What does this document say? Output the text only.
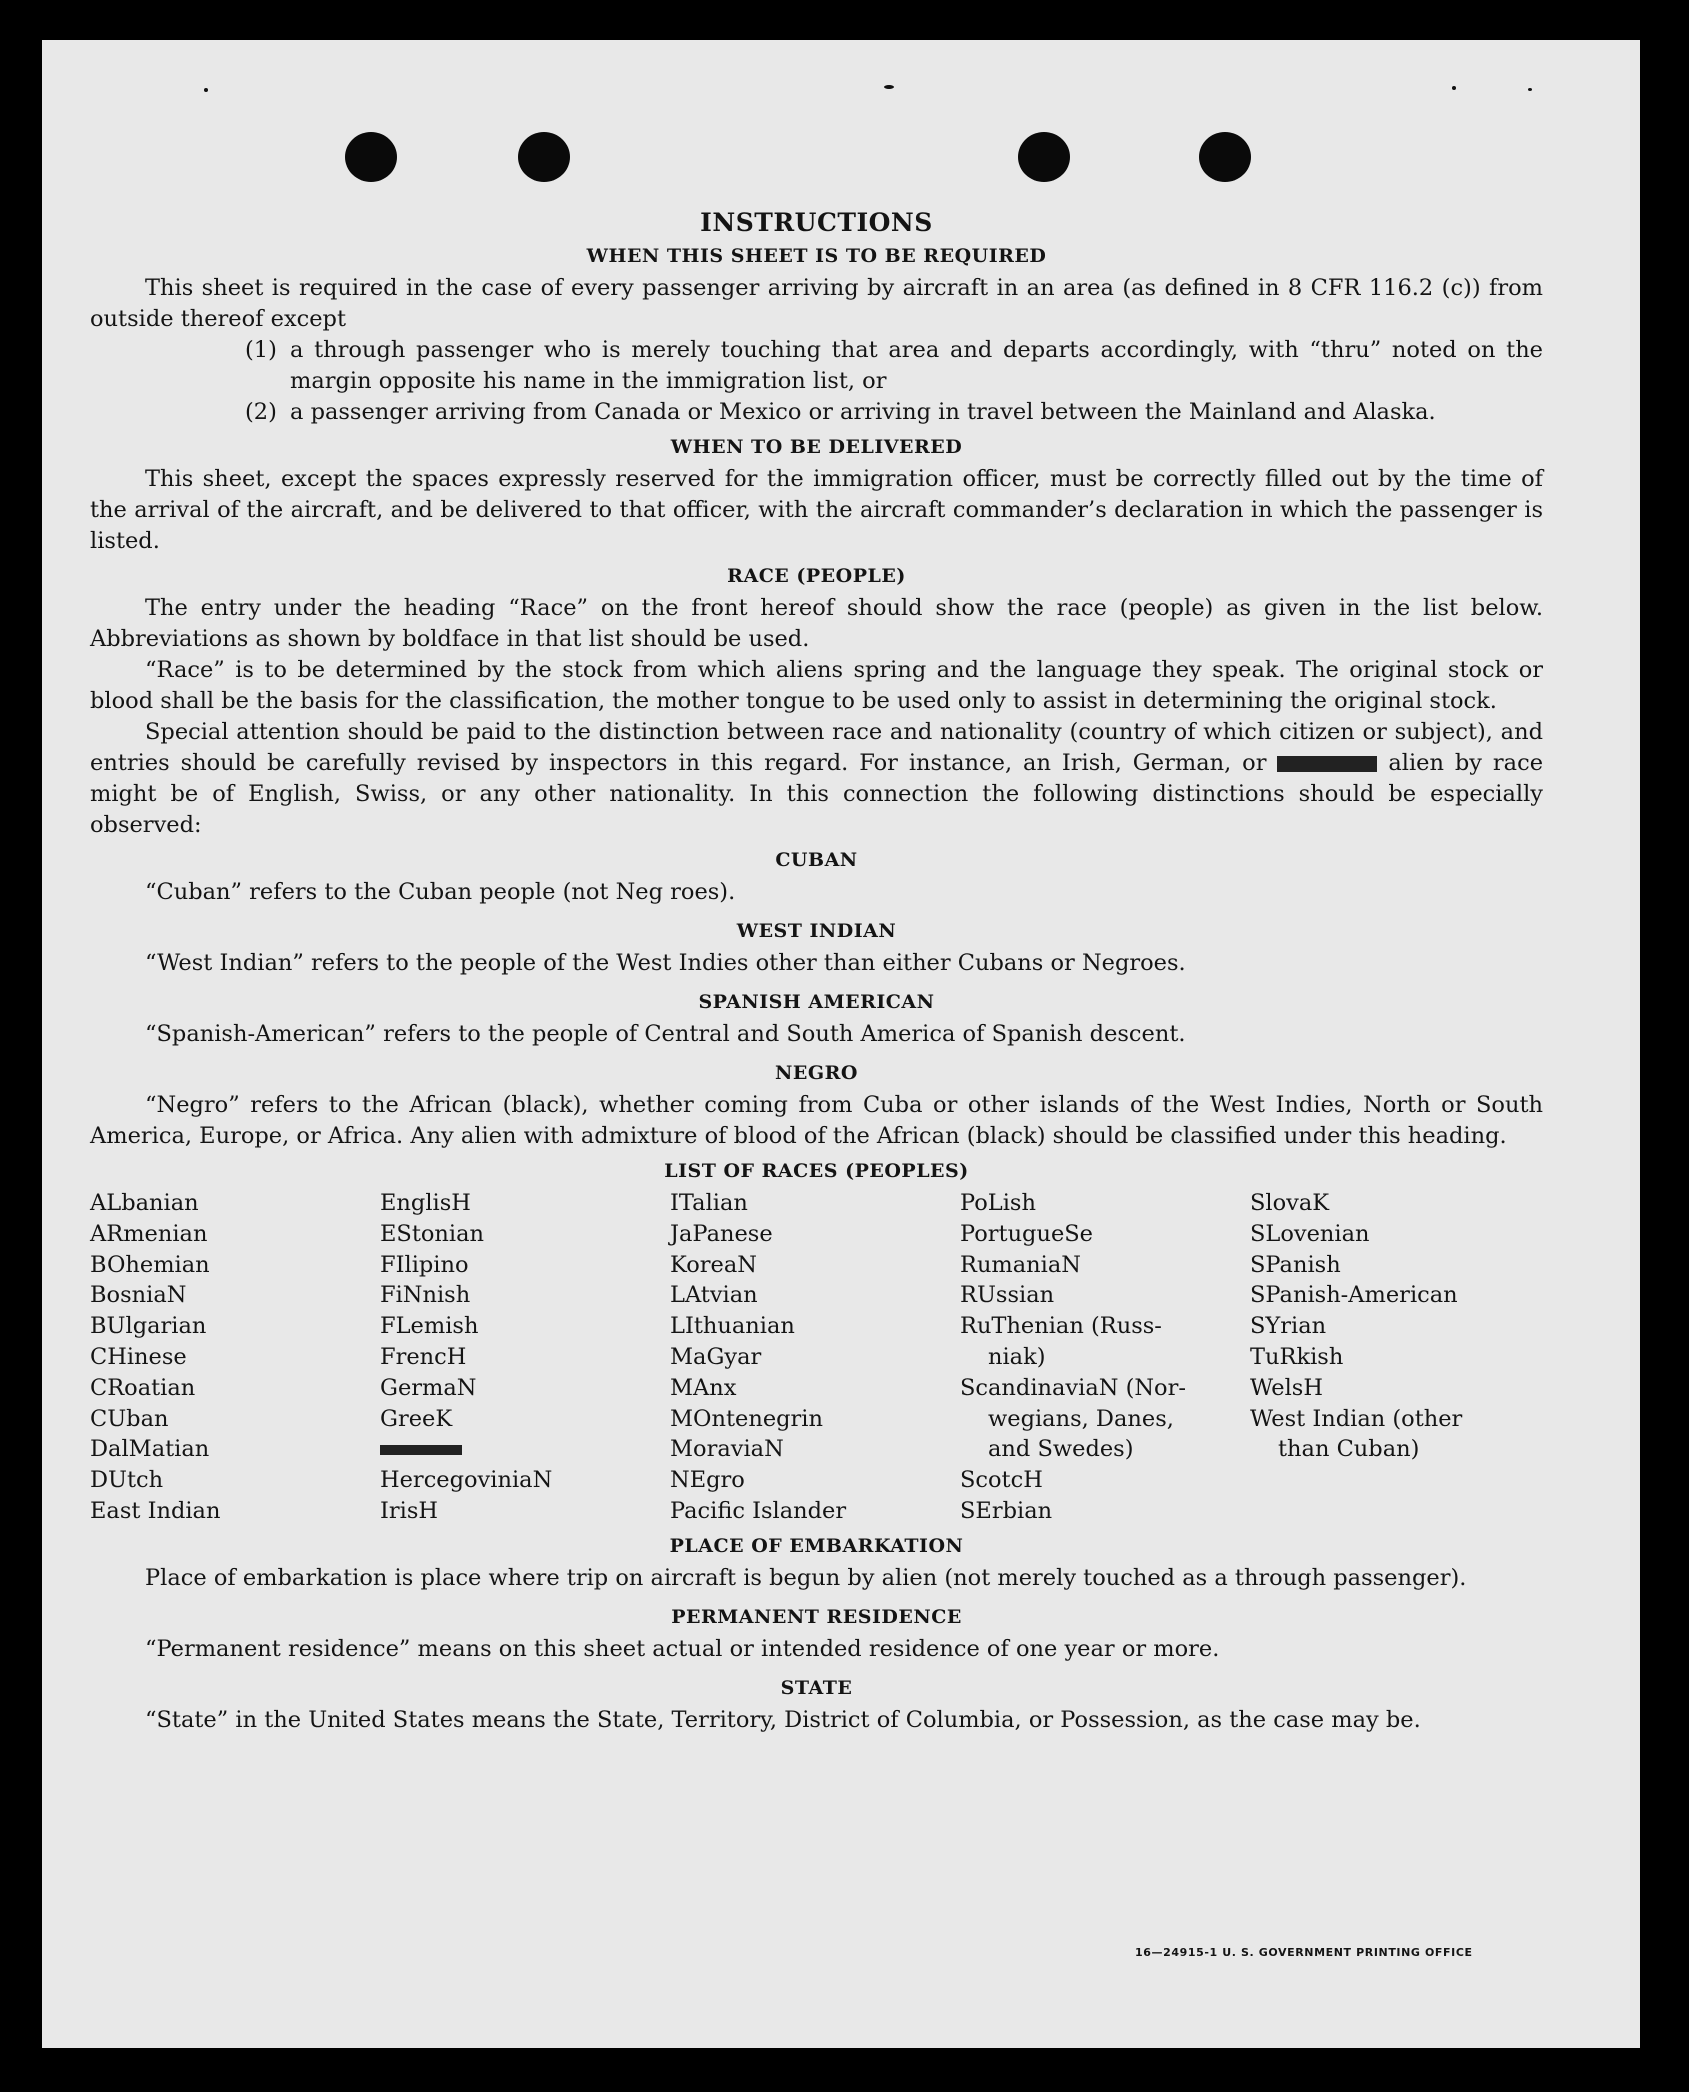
INSTRUCTIONS
WHEN THIS SHEET IS TO BE REQUIRED

This sheet is required in the case of every passenger arriving by aircraft in an area (as defined in 8 CFR 116.2 (c)) from outside thereof except

(1) a through passenger who is merely touching that area and departs accordingly, with “thru” noted on the margin opposite his name in the immigration list, or
(2) a passenger arriving from Canada or Mexico or arriving in travel between the Mainland and Alaska.
WHEN TO BE DELIVERED

This sheet, except the spaces expressly reserved for the immigration officer, must be correctly filled out by the time of the arrival of the aircraft, and be delivered to that officer, with the aircraft commander’s declaration in which the passenger is listed.

RACE (PEOPLE)

The entry under the heading “Race” on the front hereof should show the race (people) as given in the list below. Abbreviations as shown by boldface in that list should be used.

“Race” is to be determined by the stock from which aliens spring and the language they speak. The original stock or blood shall be the basis for the classification, the mother tongue to be used only to assist in determining the original stock.

Special attention should be paid to the distinction between race and nationality (country of which citizen or subject), and entries should be carefully revised by inspectors in this regard. For instance, an Irish, German, or	alien by race might be of English, Swiss, or any other nationality. In this connection the following distinctions should be especially observed:

CUBAN

“Cuban” refers to the Cuban people (not Neg roes).

WEST INDIAN

“West Indian” refers to the people of the West Indies other than either Cubans or Negroes.

SPANISH AMERICAN

“Spanish-American” refers to the people of Central and South America of Spanish descent.

NEGRO

“Negro” refers to the African (black), whether coming from Cuba or other islands of the West Indies, North or South America, Europe, or Africa. Any alien with admixture of blood of the African (black) should be classified under this heading.

LIST OF RACES (PEOPLES)
ALbanian
ARmenian
BOhemian
BosniaN
BUlgarian
CHinese
CRoatian
CUban
DalMatian
DUtch
East Indian
EnglisH
EStonian
FIlipino
FiNnish
FLemish
FrencH
GermaN
GreeK
HercegoviniaN
IrisH
ITalian
JaPanese
KoreaN
LAtvian
LIthuanian
MaGyar
MAnx
MOntenegrin
MoraviaN
NEgro
Pacific Islander
PoLish
PortugueSe
RumaniaN
RUssian
RuThenian (Russ-
niak)
ScandinaviaN (Nor-
wegians, Danes,
and Swedes)
ScotcH
SErbian
SlovaK
SLovenian
SPanish
SPanish-American
SYrian
TuRkish
WelsH
West Indian (other
than Cuban)
PLACE OF EMBARKATION

Place of embarkation is place where trip on aircraft is begun by alien (not merely touched as a through passenger).

PERMANENT RESIDENCE

“Permanent residence” means on this sheet actual or intended residence of one year or more.

STATE

“State” in the United States means the State, Territory, District of Columbia, or Possession, as the case may be.

16—24915-1 U. S. GOVERNMENT PRINTING OFFICE
